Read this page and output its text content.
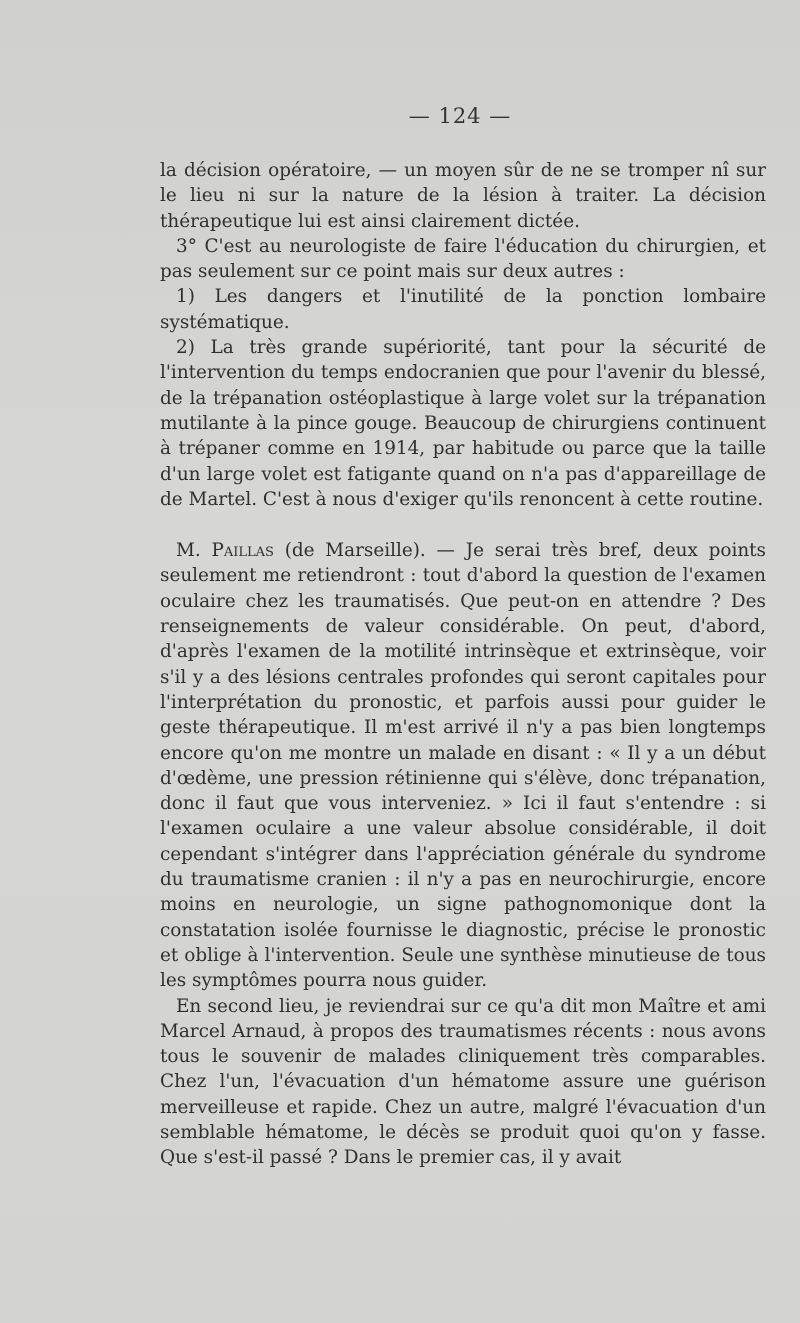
— 124 —

la décision opératoire, — un moyen sûr de ne se tromper nî sur le lieu ni sur la nature de la lésion à traiter. La décision thérapeutique lui est ainsi clairement dictée.

3° C'est au neurologiste de faire l'éducation du chirurgien, et pas seulement sur ce point mais sur deux autres :

1) Les dangers et l'inutilité de la ponction lombaire systématique.

2) La très grande supériorité, tant pour la sécurité de l'intervention du temps endocranien que pour l'avenir du blessé, de la trépanation ostéoplastique à large volet sur la trépanation mutilante à la pince gouge. Beaucoup de chirurgiens continuent à trépaner comme en 1914, par habitude ou parce que la taille d'un large volet est fatigante quand on n'a pas d'appareillage de de Martel. C'est à nous d'exiger qu'ils renoncent à cette routine.

M. Paillas (de Marseille). — Je serai très bref, deux points seulement me retiendront : tout d'abord la question de l'examen oculaire chez les traumatisés. Que peut-on en attendre ? Des renseignements de valeur considérable. On peut, d'abord, d'après l'examen de la motilité intrinsèque et extrinsèque, voir s'il y a des lésions centrales profondes qui seront capitales pour l'interprétation du pronostic, et parfois aussi pour guider le geste thérapeutique. Il m'est arrivé il n'y a pas bien longtemps encore qu'on me montre un malade en disant : « Il y a un début d'œdème, une pression rétinienne qui s'élève, donc trépanation, donc il faut que vous interveniez. » Ici il faut s'entendre : si l'examen oculaire a une valeur absolue considérable, il doit cependant s'intégrer dans l'appréciation générale du syndrome du traumatisme cranien : il n'y a pas en neurochirurgie, encore moins en neurologie, un signe pathognomonique dont la constatation isolée fournisse le diagnostic, précise le pronostic et oblige à l'intervention. Seule une synthèse minutieuse de tous les symptômes pourra nous guider.

En second lieu, je reviendrai sur ce qu'a dit mon Maître et ami Marcel Arnaud, à propos des traumatismes récents : nous avons tous le souvenir de malades cliniquement très comparables. Chez l'un, l'évacuation d'un hématome assure une guérison merveilleuse et rapide. Chez un autre, malgré l'évacuation d'un semblable hématome, le décès se produit quoi qu'on y fasse. Que s'est-il passé ? Dans le premier cas, il y avait
